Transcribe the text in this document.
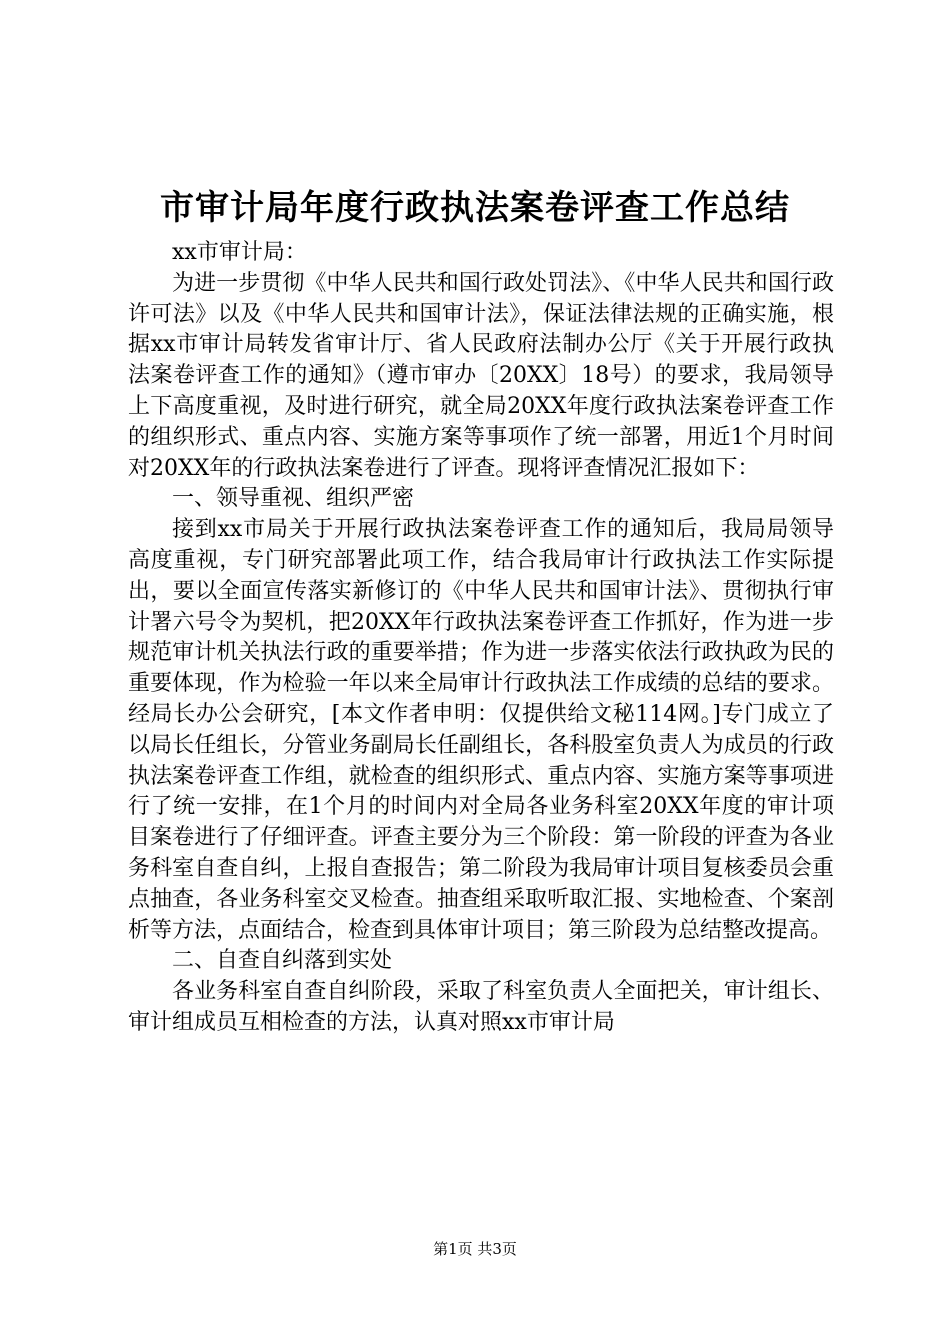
市审计局年度行政执法案卷评查工作总结

xx市审计局：

为进一步贯彻《中华人民共和国行政处罚法》、《中华人民共和国行政许可法》以及《中华人民共和国审计法》，保证法律法规的正确实施，根据xx市审计局转发省审计厅、省人民政府法制办公厅《关于开展行政执法案卷评查工作的通知》（遵市审办〔20XX〕18号）的要求，我局领导上下高度重视，及时进行研究，就全局20XX年度行政执法案卷评查工作的组织形式、重点内容、实施方案等事项作了统一部署，用近1个月时间对20XX年的行政执法案卷进行了评查。现将评查情况汇报如下：

一、领导重视、组织严密

接到xx市局关于开展行政执法案卷评查工作的通知后，我局局领导高度重视，专门研究部署此项工作，结合我局审计行政执法工作实际提出，要以全面宣传落实新修订的《中华人民共和国审计法》、贯彻执行审计署六号令为契机，把20XX年行政执法案卷评查工作抓好，作为进一步规范审计机关执法行政的重要举措；作为进一步落实依法行政执政为民的重要体现，作为检验一年以来全局审计行政执法工作成绩的总结的要求。经局长办公会研究，[本文作者申明：仅提供给文秘114网。]专门成立了以局长任组长，分管业务副局长任副组长，各科股室负责人为成员的行政执法案卷评查工作组，就检查的组织形式、重点内容、实施方案等事项进行了统一安排，在1个月的时间内对全局各业务科室20XX年度的审计项目案卷进行了仔细评查。评查主要分为三个阶段：第一阶段的评查为各业务科室自查自纠，上报自查报告；第二阶段为我局审计项目复核委员会重点抽查，各业务科室交叉检查。抽查组采取听取汇报、实地检查、个案剖析等方法，点面结合，检查到具体审计项目；第三阶段为总结整改提高。

二、自查自纠落到实处

各业务科室自查自纠阶段，采取了科室负责人全面把关，审计组长、审计组成员互相检查的方法，认真对照xx市审计局

第1页 共3页
